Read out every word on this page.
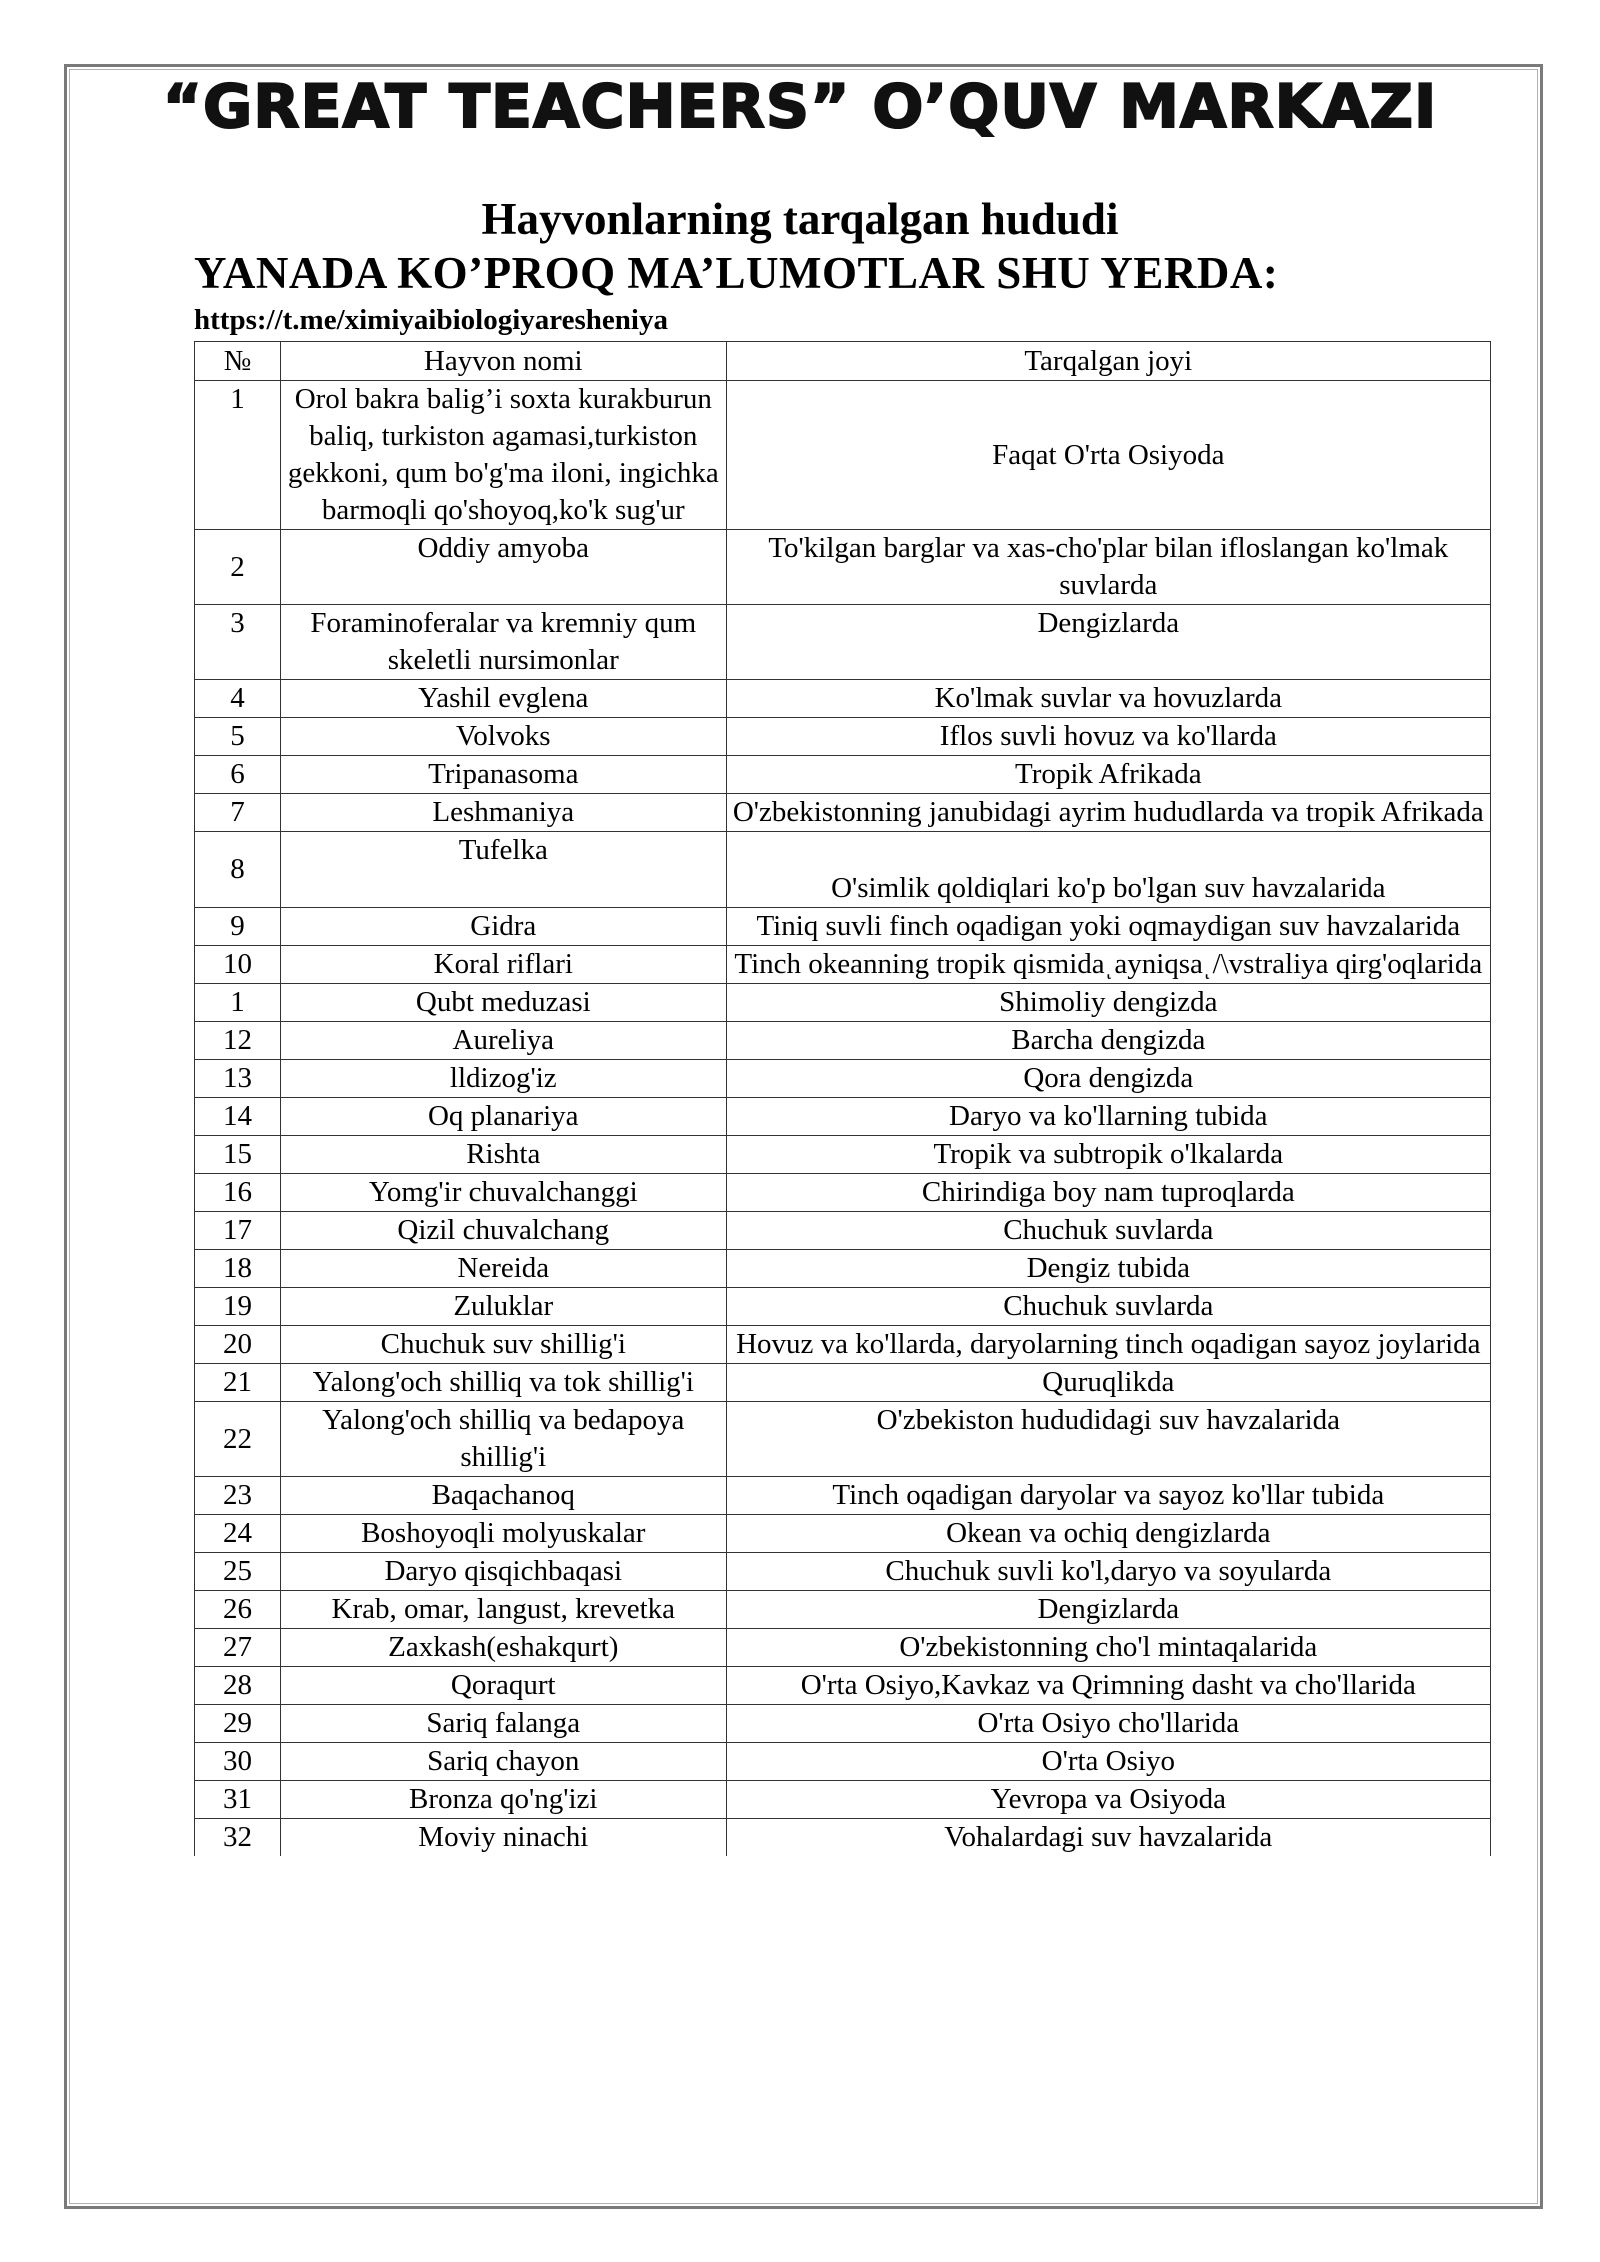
“GREAT TEACHERS” O’QUV MARKAZI
Hayvonlarning tarqalgan hududi
YANADA KO’PROQ MA’LUMOTLAR SHU YERDA:
https://t.me/ximiyaibiologiyaresheniya
№	Hayvon nomi	Tarqalgan joyi
1	Orol bakra balig’i soxta kurakburun baliq, turkiston agamasi,turkiston gekkoni, qum bo'g'ma iloni, ingichka barmoqli qo'shoyoq,ko'k sug'ur	Faqat O'rta Osiyoda
2	Oddiy amyoba	To'kilgan barglar va xas-cho'plar bilan ifloslangan ko'lmak suvlarda
3	Foraminoferalar va kremniy qum skeletli nursimonlar	Dengizlarda
4	Yashil evglena	Ko'lmak suvlar va hovuzlarda
5	Volvoks	Iflos suvli hovuz va ko'llarda
6	Tripanasoma	Tropik Afrikada
7	Leshmaniya	O'zbekistonning janubidagi ayrim hududlarda va tropik Afrikada
8	Tufelka	O'simlik qoldiqlari ko'p bo'lgan suv havzalarida
9	Gidra	Tiniq suvli finch oqadigan yoki oqmaydigan suv havzalarida
10	Koral riflari	Tinch okeanning tropik qismidaͺayniqsaͺ/\vstraliya qirg'oqlarida
1	Qubt meduzasi	Shimoliy dengizda
12	Aureliya	Barcha dengizda
13	lldizog'iz	Qora dengizda
14	Oq planariya	Daryo va ko'llarning tubida
15	Rishta	Tropik va subtropik o'lkalarda
16	Yomg'ir chuvalchanggi	Chirindiga boy nam tuproqlarda
17	Qizil chuvalchang	Chuchuk suvlarda
18	Nereida	Dengiz tubida
19	Zuluklar	Chuchuk suvlarda
20	Chuchuk suv shillig'i	Hovuz va ko'llarda, daryolarning tinch oqadigan sayoz joylarida
21	Yalong'och shilliq va tok shillig'i	Quruqlikda
22	Yalong'och shilliq va bedapoya shillig'i	O'zbekiston hududidagi suv havzalarida
23	Baqachanoq	Tinch oqadigan daryolar va sayoz ko'llar tubida
24	Boshoyoqli molyuskalar	Okean va ochiq dengizlarda
25	Daryo qisqichbaqasi	Chuchuk suvli ko'l,daryo va soyularda
26	Krab, omar, langust, krevetka	Dengizlarda
27	Zaxkash(eshakqurt)	O'zbekistonning cho'l mintaqalarida
28	Qoraqurt	O'rta Osiyo,Kavkaz va Qrimning dasht va cho'llarida
29	Sariq falanga	O'rta Osiyo cho'llarida
30	Sariq chayon	O'rta Osiyo
31	Bronza qo'ng'izi	Yevropa va Osiyoda
32	Moviy ninachi	Vohalardagi suv havzalarida
